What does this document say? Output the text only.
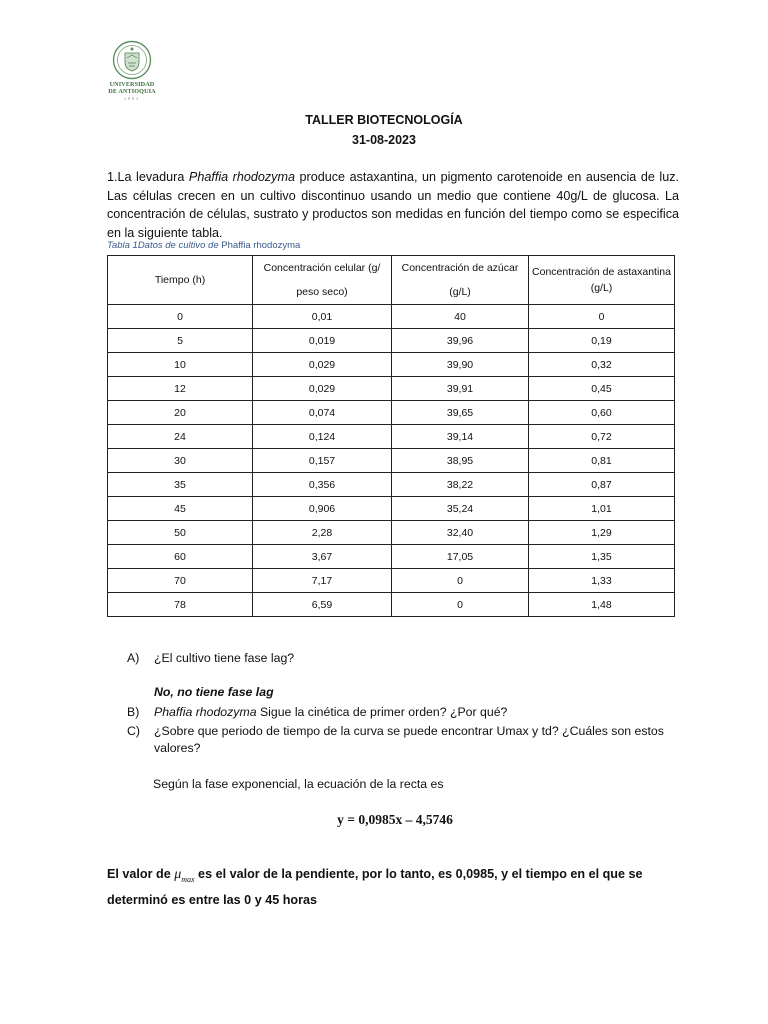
UNIVERSIDAD
DE ANTIOQUIA
1803
TALLER BIOTECNOLOGÍA
31-08-2023
1.La levadura Phaffia rhodozyma produce astaxantina, un pigmento carotenoide en ausencia de luz. Las células crecen en un cultivo discontinuo usando un medio que contiene 40g/L de glucosa. La concentración de células, sustrato y productos son medidas en función del tiempo como se especifica en la siguiente tabla.
Tabla 1Datos de cultivo de Phaffia rhodozyma
Tiempo (h)	Concentración celular (g/ peso seco)	Concentración de azúcar (g/L)	Concentración de astaxantina (g/L)
0	0,01	40	0
5	0,019	39,96	0,19
10	0,029	39,90	0,32
12	0,029	39,91	0,45
20	0,074	39,65	0,60
24	0,124	39,14	0,72
30	0,157	38,95	0,81
35	0,356	38,22	0,87
45	0,906	35,24	1,01
50	2,28	32,40	1,29
60	3,67	17,05	1,35
70	7,17	0	1,33
78	6,59	0	1,48
A) ¿El cultivo tiene fase lag?
No, no tiene fase lag
B) Phaffia rhodozyma Sigue la cinética de primer orden? ¿Por qué?
C) ¿Sobre que periodo de tiempo de la curva se puede encontrar Umax y td? ¿Cuáles son estos valores?
Según la fase exponencial, la ecuación de la recta es
y = 0,0985x – 4,5746
El valor de $\mu_{max}$ es el valor de la pendiente, por lo tanto, es 0,0985, y el tiempo en el que se determinó es entre las 0 y 45 horas
